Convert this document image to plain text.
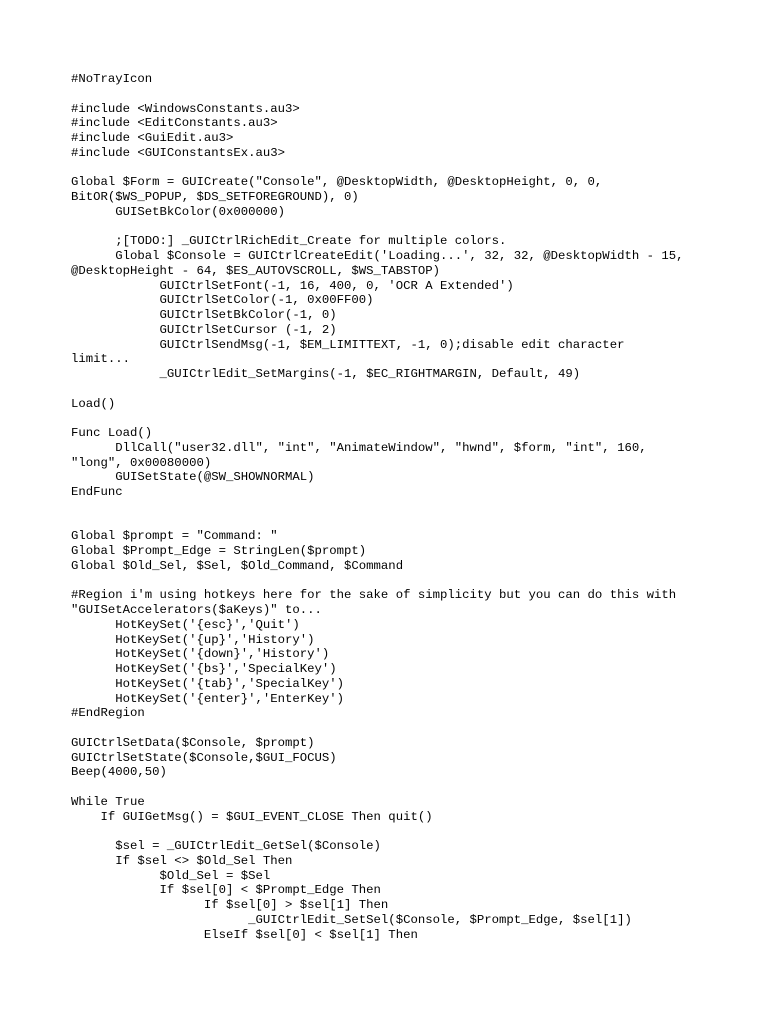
#NoTrayIcon
#include <WindowsConstants.au3>
#include <EditConstants.au3>
#include <GuiEdit.au3>
#include <GUIConstantsEx.au3>
Global $Form = GUICreate("Console", @DesktopWidth, @DesktopHeight, 0, 0,
BitOR($WS_POPUP, $DS_SETFOREGROUND), 0)
GUISetBkColor(0x000000)
;[TODO:] _GUICtrlRichEdit_Create for multiple colors.
Global $Console = GUICtrlCreateEdit('Loading...', 32, 32, @DesktopWidth - 15,
@DesktopHeight - 64, $ES_AUTOVSCROLL, $WS_TABSTOP)
GUICtrlSetFont(-1, 16, 400, 0, 'OCR A Extended')
GUICtrlSetColor(-1, 0x00FF00)
GUICtrlSetBkColor(-1, 0)
GUICtrlSetCursor (-1, 2)
GUICtrlSendMsg(-1, $EM_LIMITTEXT, -1, 0);disable edit character
limit...
_GUICtrlEdit_SetMargins(-1, $EC_RIGHTMARGIN, Default, 49)
Load()
Func Load()
DllCall("user32.dll", "int", "AnimateWindow", "hwnd", $form, "int", 160,
"long", 0x00080000)
GUISetState(@SW_SHOWNORMAL)
EndFunc
Global $prompt = "Command: "
Global $Prompt_Edge = StringLen($prompt)
Global $Old_Sel, $Sel, $Old_Command, $Command
#Region i'm using hotkeys here for the sake of simplicity but you can do this with
"GUISetAccelerators($aKeys)" to...
HotKeySet('{esc}','Quit')
HotKeySet('{up}','History')
HotKeySet('{down}','History')
HotKeySet('{bs}','SpecialKey')
HotKeySet('{tab}','SpecialKey')
HotKeySet('{enter}','EnterKey')
#EndRegion
GUICtrlSetData($Console, $prompt)
GUICtrlSetState($Console,$GUI_FOCUS)
Beep(4000,50)
While True
If GUIGetMsg() = $GUI_EVENT_CLOSE Then quit()
$sel = _GUICtrlEdit_GetSel($Console)
If $sel <> $Old_Sel Then
$Old_Sel = $Sel
If $sel[0] < $Prompt_Edge Then
If $sel[0] > $sel[1] Then
_GUICtrlEdit_SetSel($Console, $Prompt_Edge, $sel[1])
ElseIf $sel[0] < $sel[1] Then
